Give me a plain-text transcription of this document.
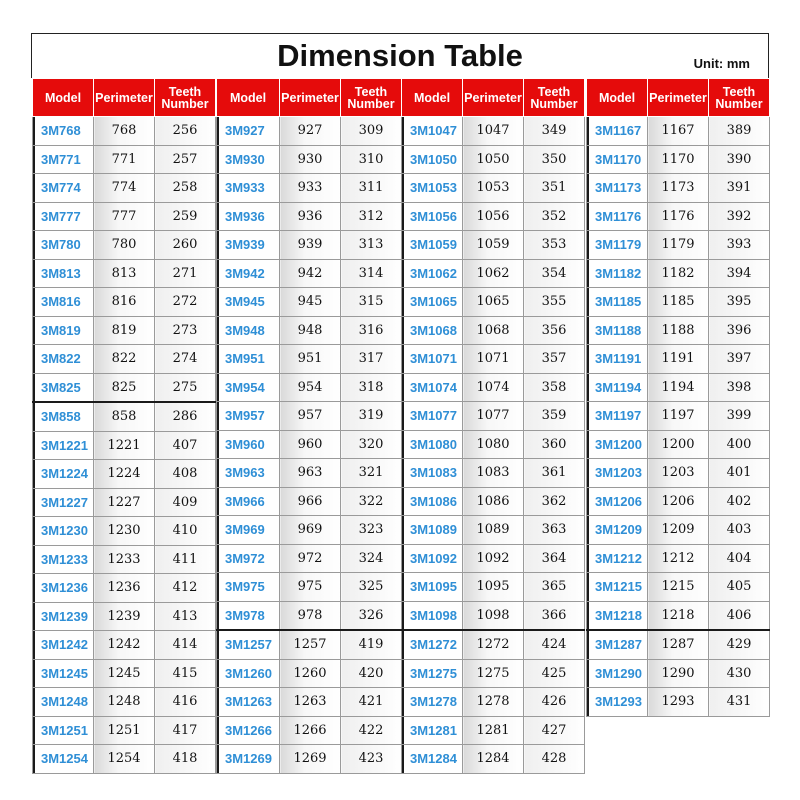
Dimension Table	Unit: mm
Model	Perimeter	Teeth
Number
3M768	768	256
3M771	771	257
3M774	774	258
3M777	777	259
3M780	780	260
3M813	813	271
3M816	816	272
3M819	819	273
3M822	822	274
3M825	825	275
3M858	858	286
3M1221	1221	407
3M1224	1224	408
3M1227	1227	409
3M1230	1230	410
3M1233	1233	411
3M1236	1236	412
3M1239	1239	413
3M1242	1242	414
3M1245	1245	415
3M1248	1248	416
3M1251	1251	417
3M1254	1254	418
Model	Perimeter	Teeth
Number
3M927	927	309
3M930	930	310
3M933	933	311
3M936	936	312
3M939	939	313
3M942	942	314
3M945	945	315
3M948	948	316
3M951	951	317
3M954	954	318
3M957	957	319
3M960	960	320
3M963	963	321
3M966	966	322
3M969	969	323
3M972	972	324
3M975	975	325
3M978	978	326
3M1257	1257	419
3M1260	1260	420
3M1263	1263	421
3M1266	1266	422
3M1269	1269	423
Model	Perimeter	Teeth
Number
3M1047	1047	349
3M1050	1050	350
3M1053	1053	351
3M1056	1056	352
3M1059	1059	353
3M1062	1062	354
3M1065	1065	355
3M1068	1068	356
3M1071	1071	357
3M1074	1074	358
3M1077	1077	359
3M1080	1080	360
3M1083	1083	361
3M1086	1086	362
3M1089	1089	363
3M1092	1092	364
3M1095	1095	365
3M1098	1098	366
3M1272	1272	424
3M1275	1275	425
3M1278	1278	426
3M1281	1281	427
3M1284	1284	428
Model	Perimeter	Teeth
Number
3M1167	1167	389
3M1170	1170	390
3M1173	1173	391
3M1176	1176	392
3M1179	1179	393
3M1182	1182	394
3M1185	1185	395
3M1188	1188	396
3M1191	1191	397
3M1194	1194	398
3M1197	1197	399
3M1200	1200	400
3M1203	1203	401
3M1206	1206	402
3M1209	1209	403
3M1212	1212	404
3M1215	1215	405
3M1218	1218	406
3M1287	1287	429
3M1290	1290	430
3M1293	1293	431
